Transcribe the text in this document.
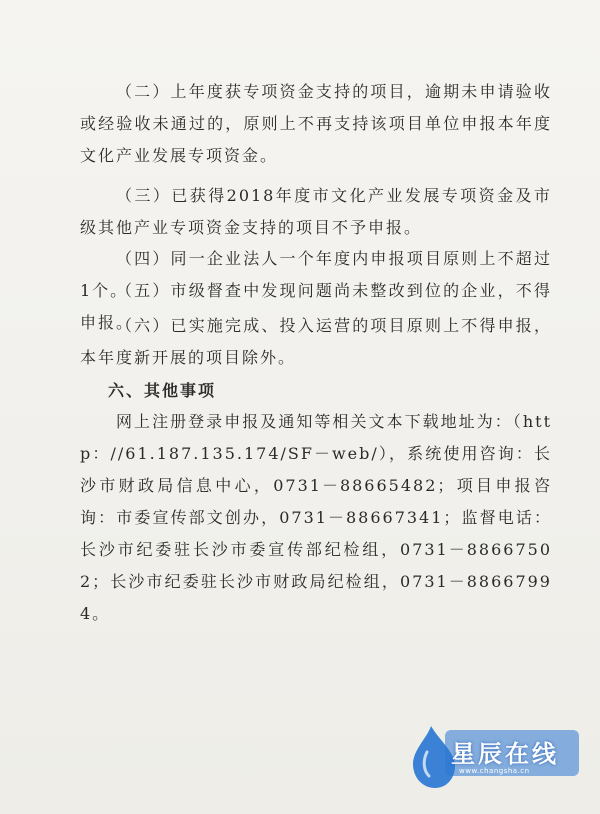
（二）上年度获专项资金支持的项目，逾期未申请验收或经验收未通过的，原则上不再支持该项目单位申报本年度文化产业发展专项资金。
（三）已获得2018年度市文化产业发展专项资金及市级其他产业专项资金支持的项目不予申报。
（四）同一企业法人一个年度内申报项目原则上不超过1个。
（五）市级督查中发现问题尚未整改到位的企业，不得申报。
（六）已实施完成、投入运营的项目原则上不得申报，本年度新开展的项目除外。
六、其他事项
网上注册登录申报及通知等相关文本下载地址为：（http：//61.187.135.174/SF－web/），系统使用咨询：长沙市财政局信息中心，0731－88665482；项目申报咨询：市委宣传部文创办，0731－88667341；监督电话：长沙市纪委驻长沙市委宣传部纪检组，0731－88667502；长沙市纪委驻长沙市财政局纪检组，0731－88667994。
星辰在线
www.changsha.cn
